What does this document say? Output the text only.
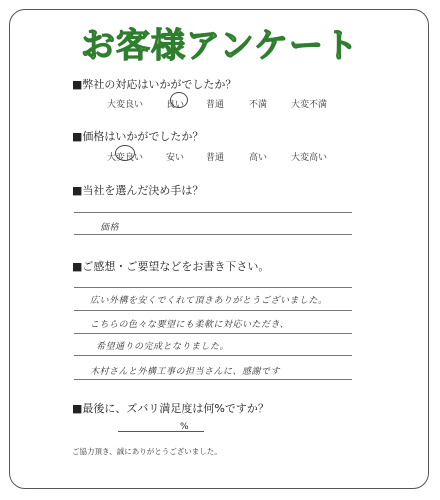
お客様アンケート
■弊社の対応はいかがでしたか？
大変良い	良い 普通	不満	大変不満
■価格はいかがでしたか？
大変良い	安い 普通	高い	大変高い
■当社を選んだ決め手は？
価格
■ご感想・ご要望などをお書き下さい。
広い外構を安くでくれて頂きありがとうございました。
こちらの色々な要望にも柔軟に対応いただき、
希望通りの完成となりました。
木村さんと外構工事の担当さんに、感謝です
■最後に、ズバリ満足度は何%ですか？
%
ご協力頂き、誠にありがとうございました。
